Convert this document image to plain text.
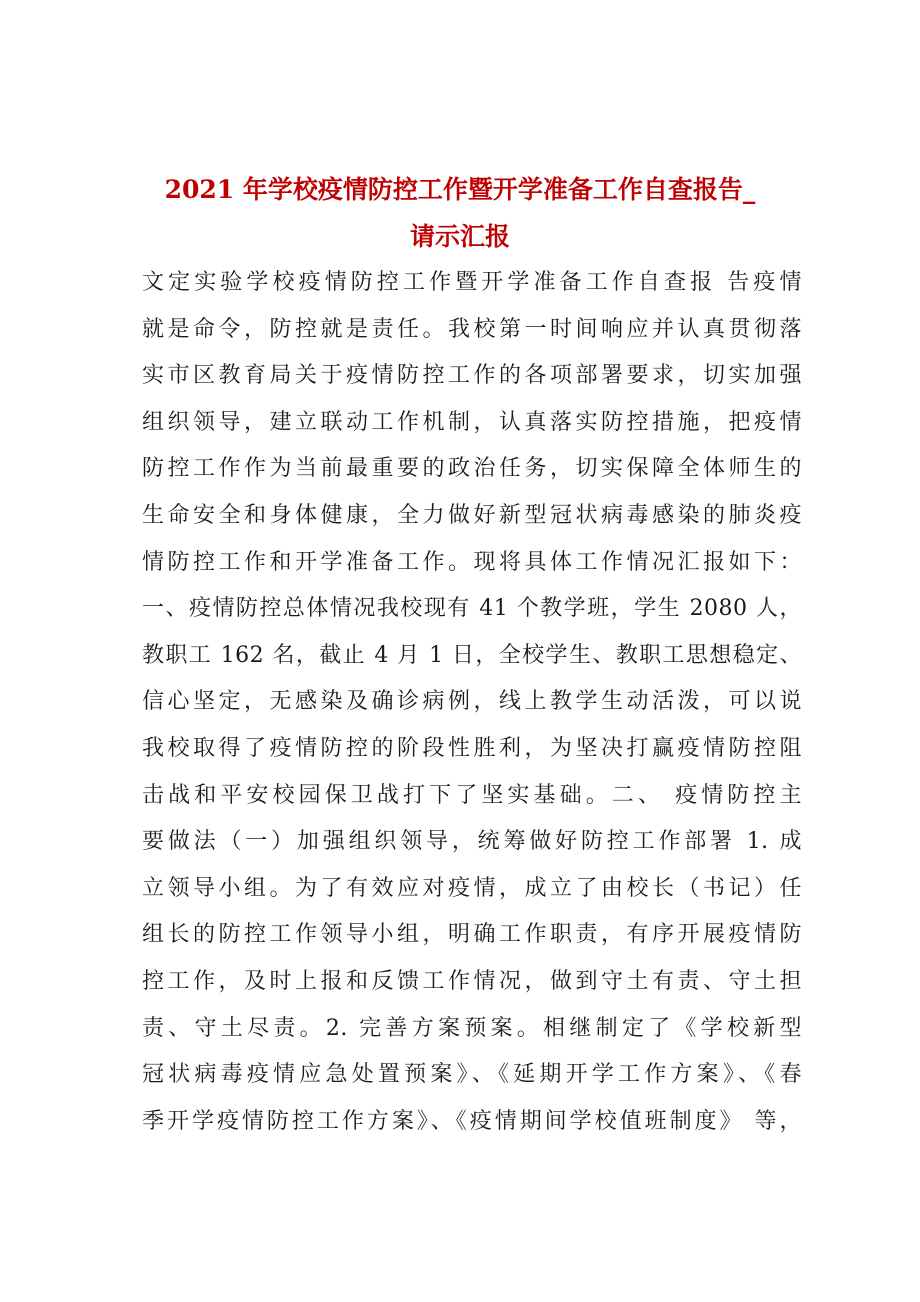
2021 年学校疫情防控工作暨开学准备工作自查报告_
请示汇报
文定实验学校疫情防控工作暨开学准备工作自查报 告疫情
就是命令，防控就是责任。我校第一时间响应并认真贯彻落
实市区教育局关于疫情防控工作的各项部署要求，切实加强
组织领导，建立联动工作机制，认真落实防控措施，把疫情
防控工作作为当前最重要的政治任务，切实保障全体师生的
生命安全和身体健康，全力做好新型冠状病毒感染的肺炎疫
情防控工作和开学准备工作。现将具体工作情况汇报如下：
一、疫情防控总体情况我校现有 41 个教学班，学生 2080 人，
教职工 162 名，截止 4 月 1 日，全校学生、教职工思想稳定、
信心坚定，无感染及确诊病例，线上教学生动活泼，可以说
我校取得了疫情防控的阶段性胜利，为坚决打赢疫情防控阻
击战和平安校园保卫战打下了坚实基础。二、 疫情防控主
要做法（一）加强组织领导，统筹做好防控工作部署 1. 成
立领导小组。为了有效应对疫情，成立了由校长（书记）任
组长的防控工作领导小组，明确工作职责，有序开展疫情防
控工作，及时上报和反馈工作情况，做到守土有责、守土担
责、守土尽责。2. 完善方案预案。相继制定了《学校新型
冠状病毒疫情应急处置预案》、《延期开学工作方案》、《春
季开学疫情防控工作方案》、《疫情期间学校值班制度》 等，
